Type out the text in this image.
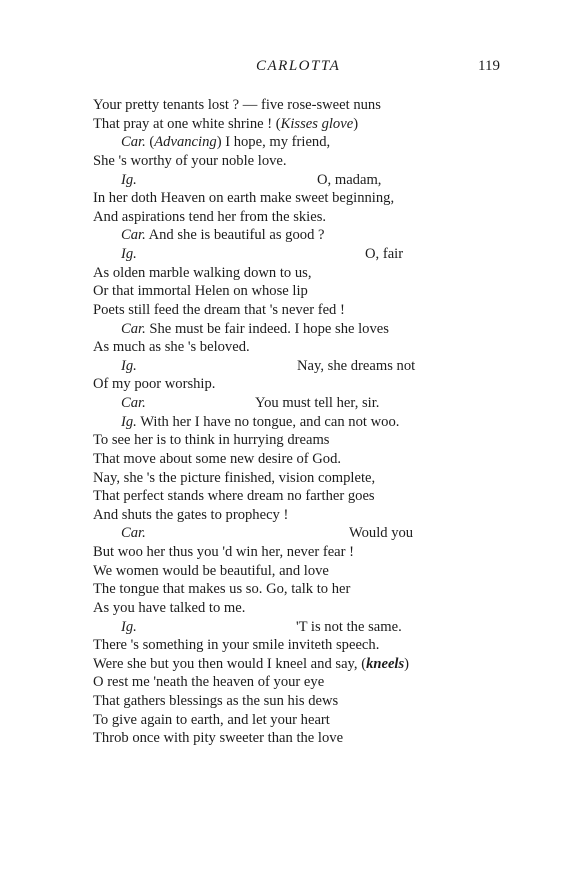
CARLOTTA	119
Your pretty tenants lost ? — five rose-sweet nuns
That pray at one white shrine ! (Kisses glove)
Car. (Advancing) I hope, my friend,
She 's worthy of your noble love.
Ig.	O, madam,
In her doth Heaven on earth make sweet beginning,
And aspirations tend her from the skies.
Car. And she is beautiful as good ?
Ig.	O, fair
As olden marble walking down to us,
Or that immortal Helen on whose lip
Poets still feed the dream that 's never fed !
Car. She must be fair indeed. I hope she loves
As much as she 's beloved.
Ig.	Nay, she dreams not
Of my poor worship.
Car.	You must tell her, sir.
Ig. With her I have no tongue, and can not woo.
To see her is to think in hurrying dreams
That move about some new desire of God.
Nay, she 's the picture finished, vision complete,
That perfect stands where dream no farther goes
And shuts the gates to prophecy !
Car.	Would you
But woo her thus you 'd win her, never fear !
We women would be beautiful, and love
The tongue that makes us so. Go, talk to her
As you have talked to me.
Ig.	'T is not the same.
There 's something in your smile inviteth speech.
Were she but you then would I kneel and say, (kneels)
O rest me 'neath the heaven of your eye
That gathers blessings as the sun his dews
To give again to earth, and let your heart
Throb once with pity sweeter than the love
